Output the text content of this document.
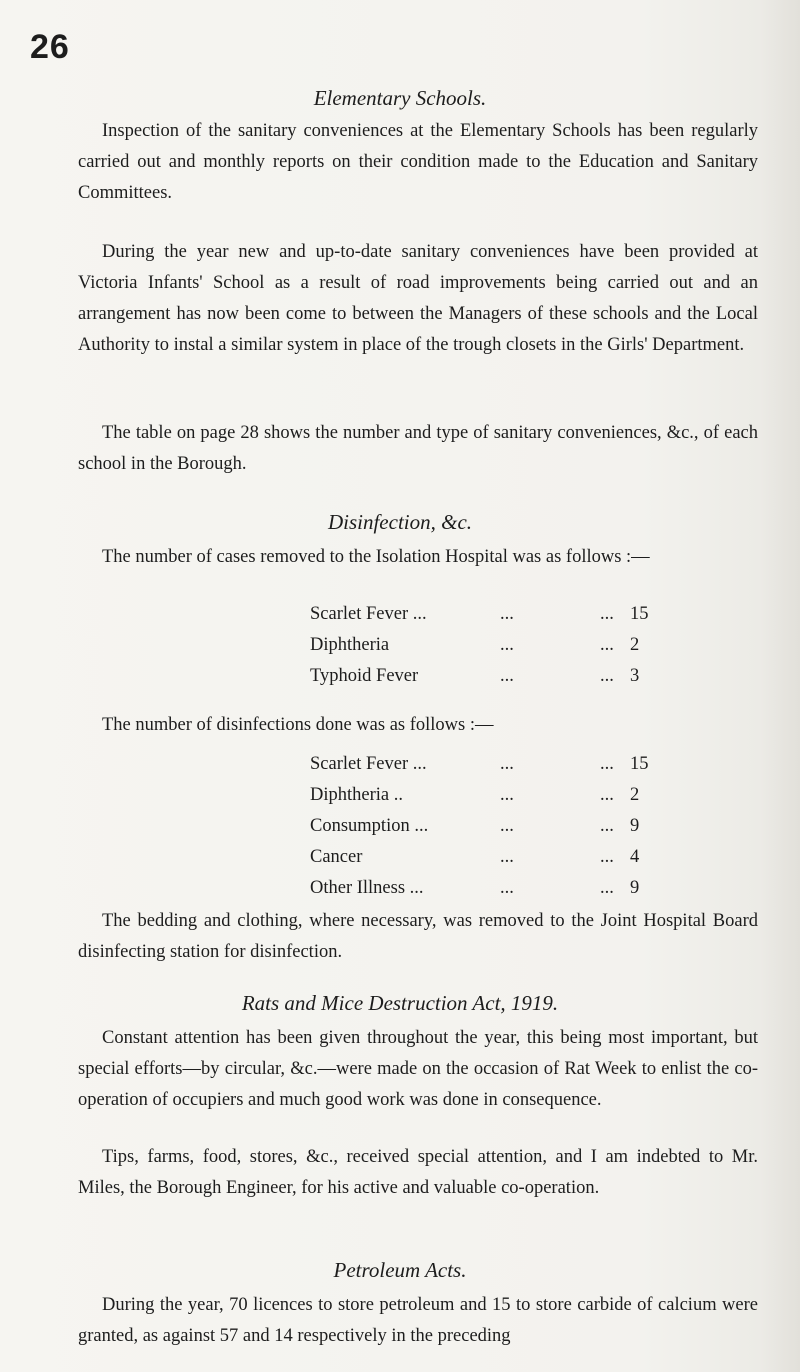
26
Elementary Schools.

Inspection of the sanitary conveniences at the Elementary Schools has been regularly carried out and monthly reports on their condition made to the Education and Sanitary Committees.

During the year new and up-to-date sanitary conveniences have been provided at Victoria Infants' School as a result of road improvements being carried out and an arrangement has now been come to between the Managers of these schools and the Local Authority to instal a similar system in place of the trough closets in the Girls' Department.

The table on page 28 shows the number and type of sanitary conveniences, &c., of each school in the Borough.

Disinfection, &c.

The number of cases removed to the Isolation Hospital was as follows :—

Scarlet Fever ...	...	... 15
Diphtheria	...	... 2
Typhoid Fever	...	... 3

The number of disinfections done was as follows :—

Scarlet Fever ...	...	... 15
Diphtheria ..	...	... 2
Consumption ...	...	... 9
Cancer	...	... 4
Other Illness ...	...	... 9

The bedding and clothing, where necessary, was removed to the Joint Hospital Board disinfecting station for disinfection.

Rats and Mice Destruction Act, 1919.

Constant attention has been given throughout the year, this being most important, but special efforts—by circular, &c.—were made on the occasion of Rat Week to enlist the co-operation of occupiers and much good work was done in consequence.

Tips, farms, food, stores, &c., received special attention, and I am indebted to Mr. Miles, the Borough Engineer, for his active and valuable co-operation.

Petroleum Acts.

During the year, 70 licences to store petroleum and 15 to store carbide of calcium were granted, as against 57 and 14 respectively in the preceding
